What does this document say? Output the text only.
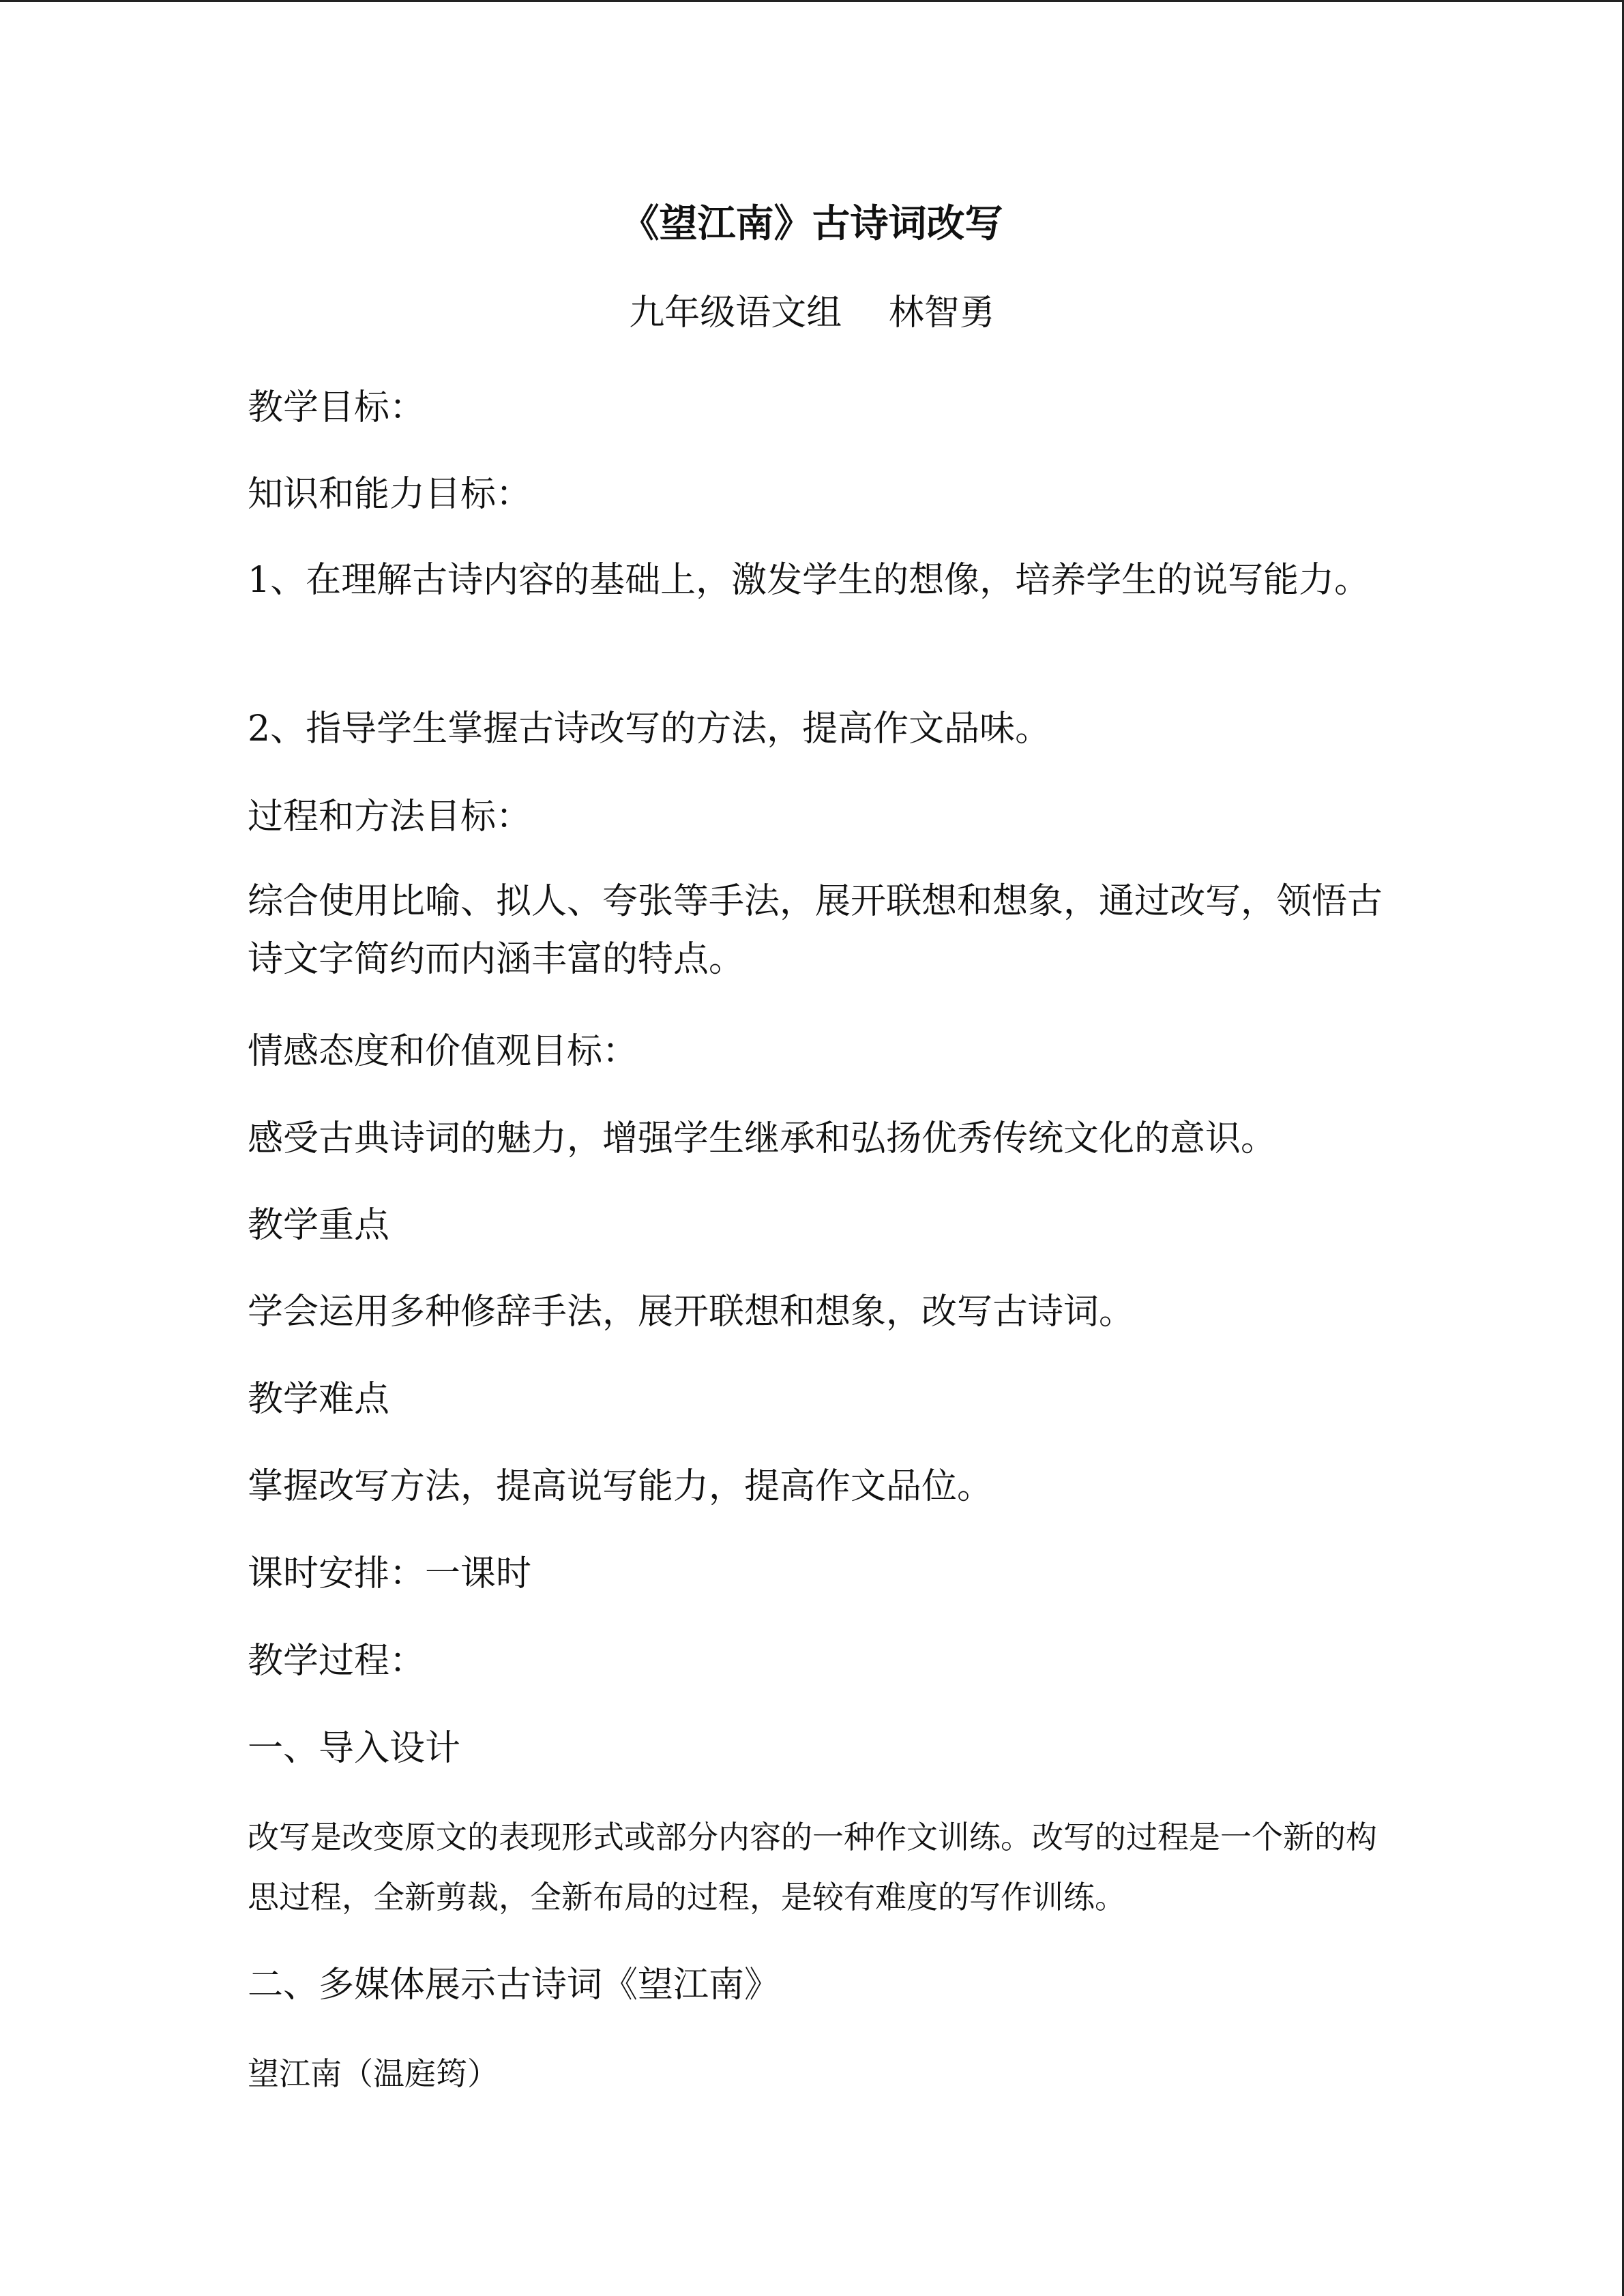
《望江南》古诗词改写
九年级语文组　 林智勇
教学目标：
知识和能力目标：
1、在理解古诗内容的基础上，激发学生的想像，培养学生的说写能力。
2、指导学生掌握古诗改写的方法，提高作文品味。
过程和方法目标：
综合使用比喻、拟人、夸张等手法，展开联想和想象，通过改写，领悟古诗文字简约而内涵丰富的特点。
情感态度和价值观目标：
感受古典诗词的魅力，增强学生继承和弘扬优秀传统文化的意识。
教学重点
学会运用多种修辞手法，展开联想和想象，改写古诗词。
教学难点
掌握改写方法，提高说写能力，提高作文品位。
课时安排：一课时
教学过程：
一、导入设计
改写是改变原文的表现形式或部分内容的一种作文训练。改写的过程是一个新的构思过程，全新剪裁，全新布局的过程，是较有难度的写作训练。
二、多媒体展示古诗词《望江南》
望江南（温庭筠）
